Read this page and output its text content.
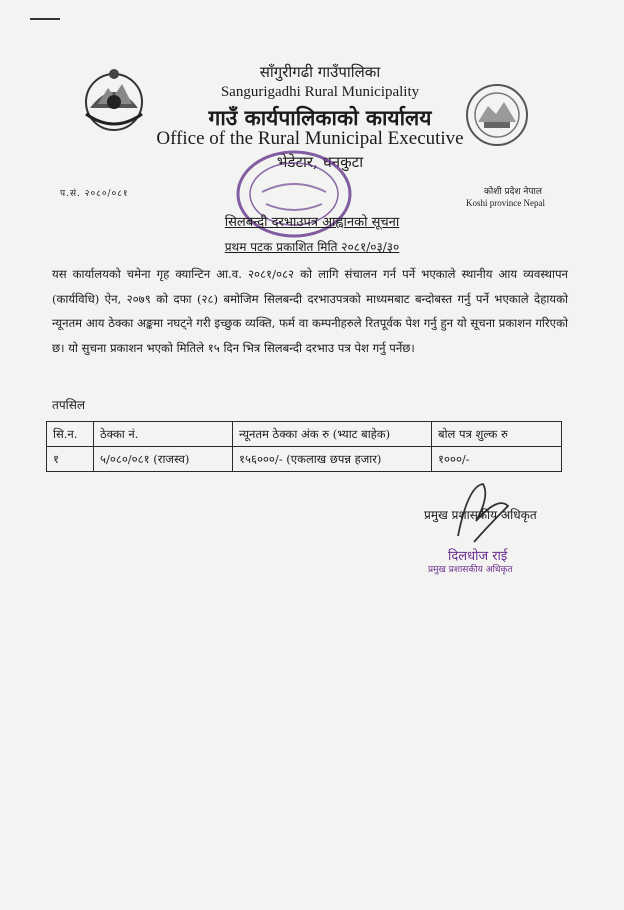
साँगुरीगढी गाउँपालिका
Sangurigadhi Rural Municipality
गाउँ कार्यपालिकाको कार्यालय
Office of the Rural Municipal Executive
भेडेटार, धनकुटा
प.सं. २०८०/०८१	कोशी प्रदेश नेपाल
Koshi province Nepal
सिलबन्दी दरभाउपत्र आह्वानको सूचना
प्रथम पटक प्रकाशित मिति २०८१/०३/३०
यस कार्यालयको चमेना गृह क्यान्टिन आ.व. २०८१/०८२ को लागि संचालन गर्न पर्ने भएकाले स्थानीय आय व्यवस्थापन (कार्यविधि) ऐन, २०७९ को दफा (२८) बमोजिम सिलबन्दी दरभाउपत्रको माध्यमबाट बन्दोबस्त गर्नु पर्ने भएकाले देहायको न्यूनतम आय ठेक्का अङ्कमा नघट्ने गरी इच्छुक व्यक्ति, फर्म वा कम्पनीहरुले रितपूर्वक पेश गर्नु हुन यो सूचना प्रकाशन गरिएको छ। यो सुचना प्रकाशन भएको मितिले १५ दिन भित्र सिलबन्दी दरभाउ पत्र पेश गर्नु पर्नेछ।
तपसिल
सि.न.	ठेक्का नं.	न्यूनतम ठेक्का अंक रु (भ्याट बाहेक)	बोल पत्र शुल्क रु
१	५/०८०/०८१ (राजस्व)	१५६०००/- (एकलाख छपन्न हजार)	१०००/-
प्रमुख प्रशासकीय अधिकृत
दिलधोज राई
प्रमुख प्रशासकीय अधिकृत
